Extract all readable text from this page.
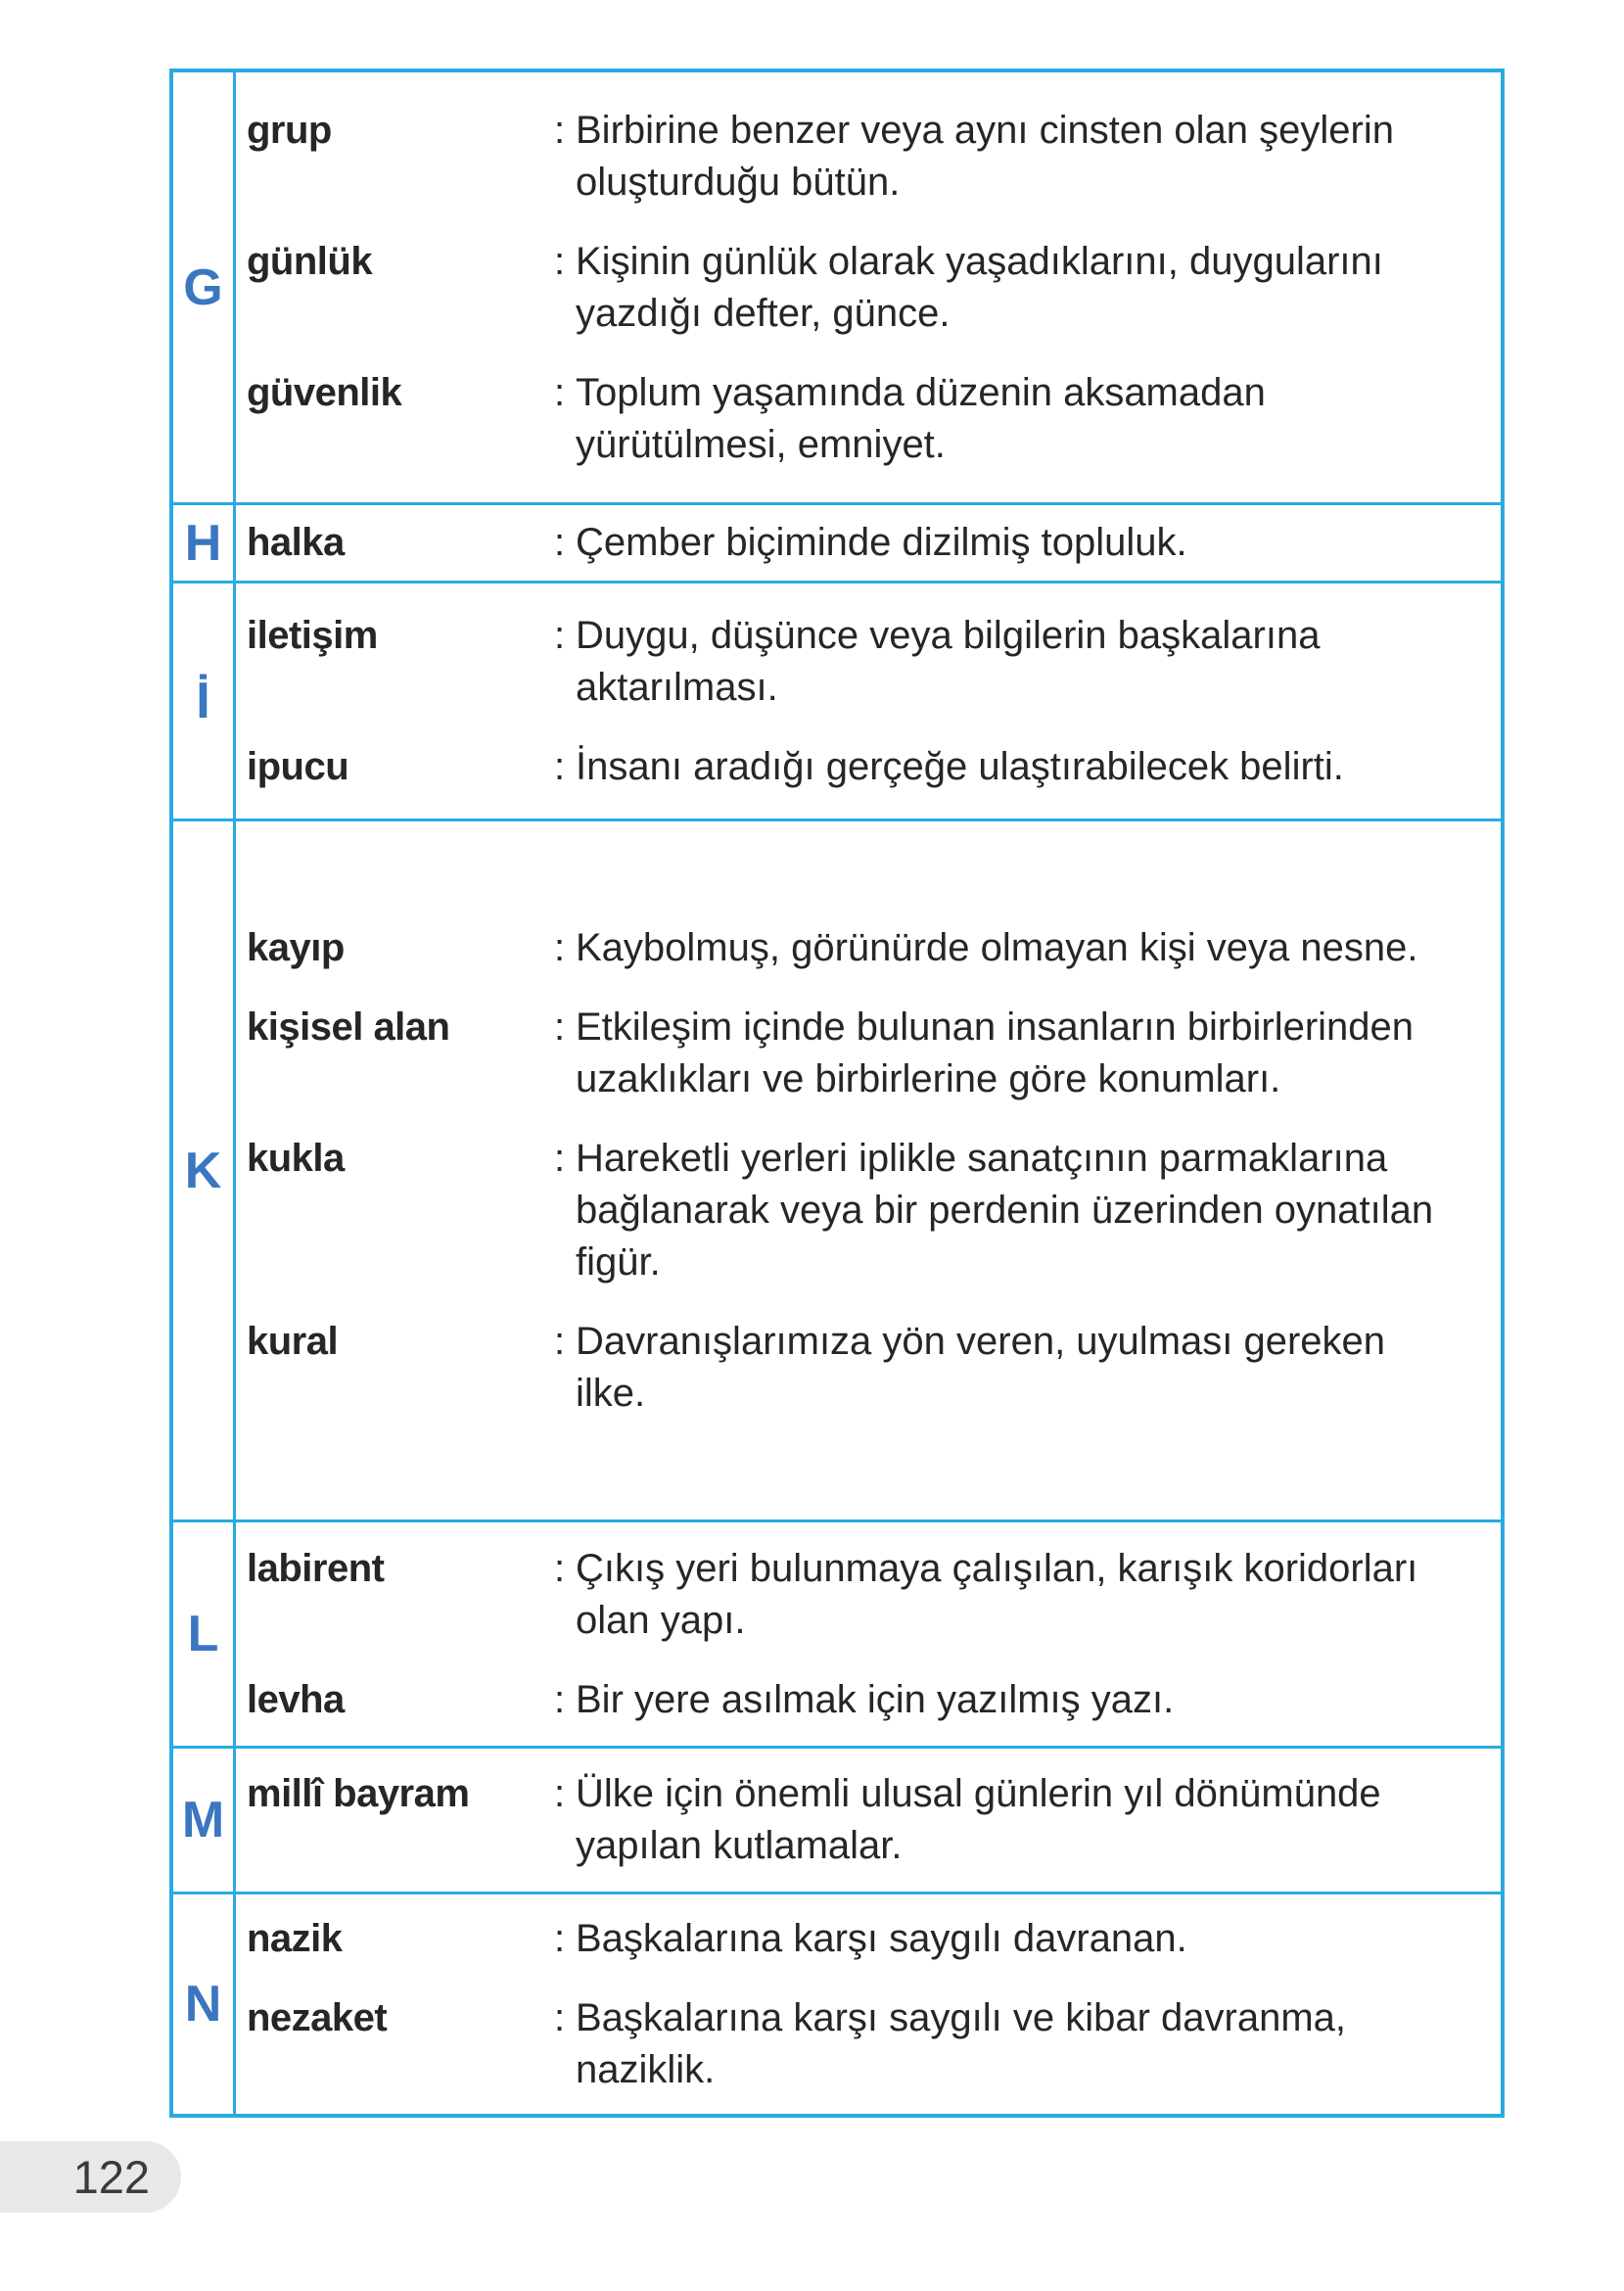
G
grup	: Birbirine benzer veya aynı cinsten olan şeylerin oluşturduğu bütün.
günlük	: Kişinin günlük olarak yaşadıklarını, duygularını yazdığı defter, günce.
güvenlik	: Toplum yaşamında düzenin aksamadan yürütülmesi, emniyet.
H halka	: Çember biçiminde dizilmiş topluluk.
İ
iletişim	: Duygu, düşünce veya bilgilerin başkalarına aktarılması.
ipucu	: İnsanı aradığı gerçeğe ulaştırabilecek belirti.
K
kayıp	: Kaybolmuş, görünürde olmayan kişi veya nesne.
kişisel alan	: Etkileşim içinde bulunan insanların birbirlerinden uzaklıkları ve birbirlerine göre konumları.
kukla	: Hareketli yerleri iplikle sanatçının parmaklarına bağlanarak veya bir perdenin üzerinden oynatılan figür.
kural	: Davranışlarımıza yön veren, uyulması gereken ilke.
L
labirent	: Çıkış yeri bulunmaya çalışılan, karışık koridorları olan yapı.
levha	: Bir yere asılmak için yazılmış yazı.
M millî bayram	: Ülke için önemli ulusal günlerin yıl dönümünde yapılan kutlamalar.
N
nazik	: Başkalarına karşı saygılı davranan.
nezaket	: Başkalarına karşı saygılı ve kibar davranma, naziklik.
122
